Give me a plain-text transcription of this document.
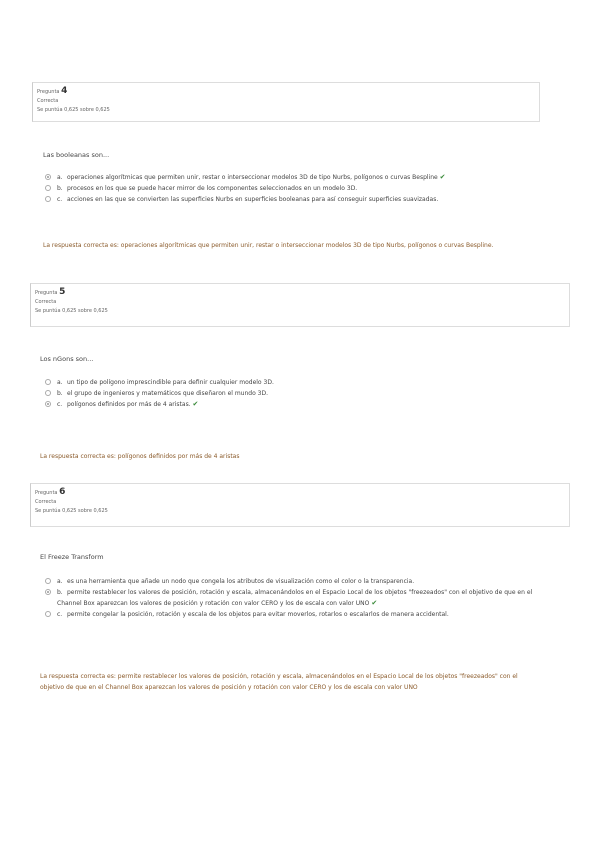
Pregunta 4
Correcta
Se puntúa 0,625 sobre 0,625
Las booleanas son...
a. operaciones algorítmicas que permiten unir, restar o interseccionar modelos 3D de tipo Nurbs, polígonos o curvas Bespline ✔
b. procesos en los que se puede hacer mirror de los componentes seleccionados en un modelo 3D.
c. acciones en las que se convierten las superficies Nurbs en superficies booleanas para así conseguir superficies suavizadas.
La respuesta correcta es: operaciones algorítmicas que permiten unir, restar o interseccionar modelos 3D de tipo Nurbs, polígonos o curvas Bespline.
Pregunta 5
Correcta
Se puntúa 0,625 sobre 0,625
Los nGons son...
a. un tipo de polígono imprescindible para definir cualquier modelo 3D.
b. el grupo de ingenieros y matemáticos que diseñaron el mundo 3D.
c. polígonos definidos por más de 4 aristas. ✔
La respuesta correcta es: polígonos definidos por más de 4 aristas
Pregunta 6
Correcta
Se puntúa 0,625 sobre 0,625
El Freeze Transform
a. es una herramienta que añade un nodo que congela los atributos de visualización como el color o la transparencia.
b. permite restablecer los valores de posición, rotación y escala, almacenándolos en el Espacio Local de los objetos "freezeados" con el objetivo de que en el Channel Box aparezcan los valores de posición y rotación con valor CERO y los de escala con valor UNO ✔
c. permite congelar la posición, rotación y escala de los objetos para evitar moverlos, rotarlos o escalarlos de manera accidental.
La respuesta correcta es: permite restablecer los valores de posición, rotación y escala, almacenándolos en el Espacio Local de los objetos "freezeados" con el objetivo de que en el Channel Box aparezcan los valores de posición y rotación con valor CERO y los de escala con valor UNO
